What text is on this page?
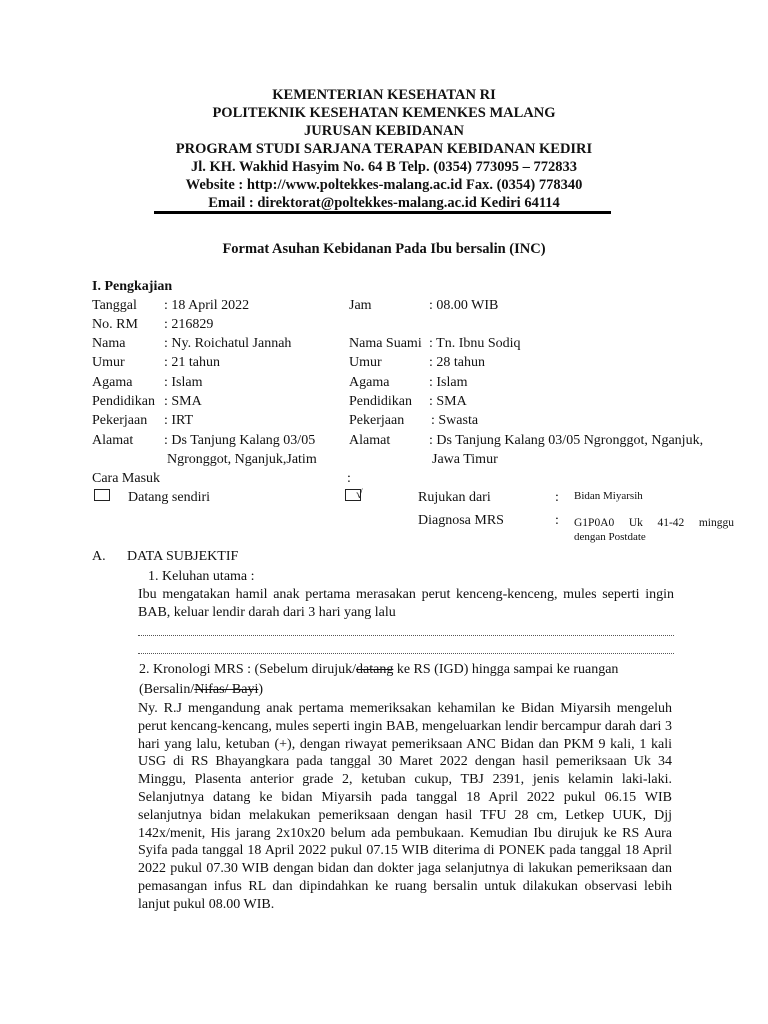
KEMENTERIAN KESEHATAN RI
POLITEKNIK KESEHATAN KEMENKES MALANG
JURUSAN KEBIDANAN
PROGRAM STUDI SARJANA TERAPAN KEBIDANAN KEDIRI
Jl. KH. Wakhid Hasyim No. 64 B Telp. (0354) 773095 – 772833
Website : http://www.poltekkes-malang.ac.id Fax. (0354) 778340
Email : direktorat@poltekkes-malang.ac.id Kediri 64114
Format Asuhan Kebidanan Pada Ibu bersalin (INC)
I. Pengkajian
Tanggal : 18 April 2022
No. RM : 216829
Nama	: Ny. Roichatul Jannah
Umur	: 21 tahun
Agama : Islam
Pendidikan : SMA
Pekerjaan : IRT
Alamat : Ds Tanjung Kalang 03/05
Ngronggot, Nganjuk,Jatim
Jam	: 08.00 WIB
Nama Suami : Tn. Ibnu Sodiq
Umur	: 28 tahun
Agama	: Islam
Pendidikan : SMA
Pekerjaan : Swasta
Alamat	: Ds Tanjung Kalang 03/05 Ngronggot, Nganjuk,
Jawa Timur
Cara Masuk	:
Datang sendiri	√	Rujukan dari	: Bidan Miyarsih
Diagnosa MRS	: G1P0A0 Uk 41-42 minggu
dengan Postdate
A. DATA SUBJEKTIF
1. Keluhan utama :
Ibu mengatakan hamil anak pertama merasakan perut kenceng-kenceng, mules seperti ingin BAB, keluar lendir darah dari 3 hari yang lalu
2. Kronologi MRS : (Sebelum dirujuk/datang ke RS (IGD) hingga sampai ke ruangan
(Bersalin/Nifas/ Bayi)
Ny. R.J mengandung anak pertama memeriksakan kehamilan ke Bidan Miyarsih mengeluh perut kencang-kencang, mules seperti ingin BAB, mengeluarkan lendir bercampur darah dari 3 hari yang lalu, ketuban (+), dengan riwayat pemeriksaan ANC Bidan dan PKM 9 kali, 1 kali USG di RS Bhayangkara pada tanggal 30 Maret 2022 dengan hasil pemeriksaan Uk 34 Minggu, Plasenta anterior grade 2, ketuban cukup, TBJ 2391, jenis kelamin laki-laki. Selanjutnya datang ke bidan Miyarsih pada tanggal 18 April 2022 pukul 06.15 WIB selanjutnya bidan melakukan pemeriksaan dengan hasil TFU 28 cm, Letkep UUK, Djj 142x/menit, His jarang 2x10x20 belum ada pembukaan. Kemudian Ibu dirujuk ke RS Aura Syifa pada tanggal 18 April 2022 pukul 07.15 WIB diterima di PONEK pada tanggal 18 April 2022 pukul 07.30 WIB dengan bidan dan dokter jaga selanjutnya di lakukan pemeriksaan dan pemasangan infus RL dan dipindahkan ke ruang bersalin untuk dilakukan observasi lebih lanjut pukul 08.00 WIB.
